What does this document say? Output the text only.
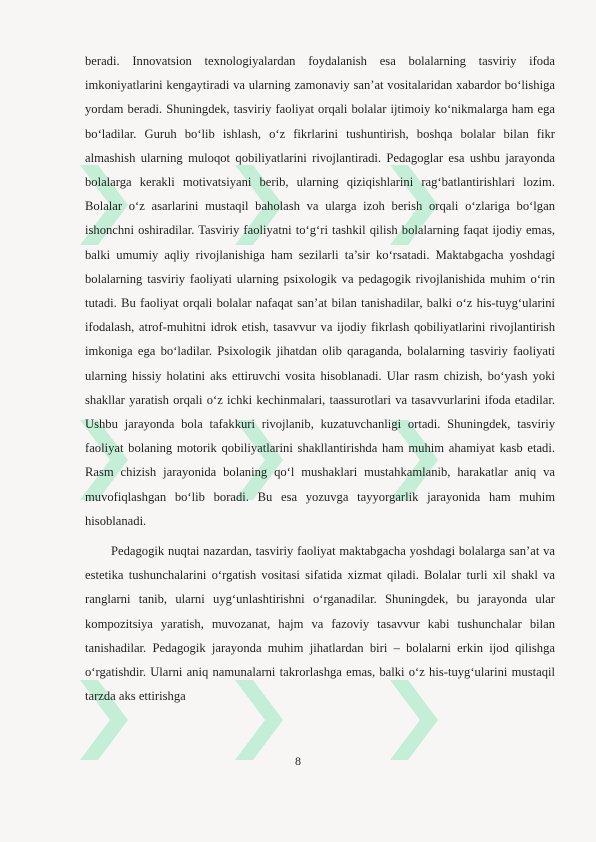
beradi. Innovatsion texnologiyalardan foydalanish esa bolalarning tasviriy ifoda imkoniyatlarini kengaytiradi va ularning zamonaviy san’at vositalaridan xabardor bo‘lishiga yordam beradi. Shuningdek, tasviriy faoliyat orqali bolalar ijtimoiy ko‘nikmalarga ham ega bo‘ladilar. Guruh bo‘lib ishlash, o‘z fikrlarini tushuntirish, boshqa bolalar bilan fikr almashish ularning muloqot qobiliyatlarini rivojlantiradi. Pedagoglar esa ushbu jarayonda bolalarga kerakli motivatsiyani berib, ularning qiziqishlarini rag‘batlantirishlari lozim. Bolalar o‘z asarlarini mustaqil baholash va ularga izoh berish orqali o‘zlariga bo‘lgan ishonchni oshiradilar. Tasviriy faoliyatni to‘g‘ri tashkil qilish bolalarning faqat ijodiy emas, balki umumiy aqliy rivojlanishiga ham sezilarli ta’sir ko‘rsatadi. Maktabgacha yoshdagi bolalarning tasviriy faoliyati ularning psixologik va pedagogik rivojlanishida muhim o‘rin tutadi. Bu faoliyat orqali bolalar nafaqat san’at bilan tanishadilar, balki o‘z his-tuyg‘ularini ifodalash, atrof-muhitni idrok etish, tasavvur va ijodiy fikrlash qobiliyatlarini rivojlantirish imkoniga ega bo‘ladilar. Psixologik jihatdan olib qaraganda, bolalarning tasviriy faoliyati ularning hissiy holatini aks ettiruvchi vosita hisoblanadi. Ular rasm chizish, bo‘yash yoki shakllar yaratish orqali o‘z ichki kechinmalari, taassurotlari va tasavvurlarini ifoda etadilar. Ushbu jarayonda bola tafakkuri rivojlanib, kuzatuvchanligi ortadi. Shuningdek, tasviriy faoliyat bolaning motorik qobiliyatlarini shakllantirishda ham muhim ahamiyat kasb etadi. Rasm chizish jarayonida bolaning qo‘l mushaklari mustahkamlanib, harakatlar aniq va muvofiqlashgan bo‘lib boradi. Bu esa yozuvga tayyorgarlik jarayonida ham muhim hisoblanadi.

Pedagogik nuqtai nazardan, tasviriy faoliyat maktabgacha yoshdagi bolalarga san’at va estetika tushunchalarini o‘rgatish vositasi sifatida xizmat qiladi. Bolalar turli xil shakl va ranglarni tanib, ularni uyg‘unlashtirishni o‘rganadilar. Shuningdek, bu jarayonda ular kompozitsiya yaratish, muvozanat, hajm va fazoviy tasavvur kabi tushunchalar bilan tanishadilar. Pedagogik jarayonda muhim jihatlardan biri – bolalarni erkin ijod qilishga o‘rgatishdir. Ularni aniq namunalarni takrorlashga emas, balki o‘z his-tuyg‘ularini mustaqil tarzda aks ettirishga

8
